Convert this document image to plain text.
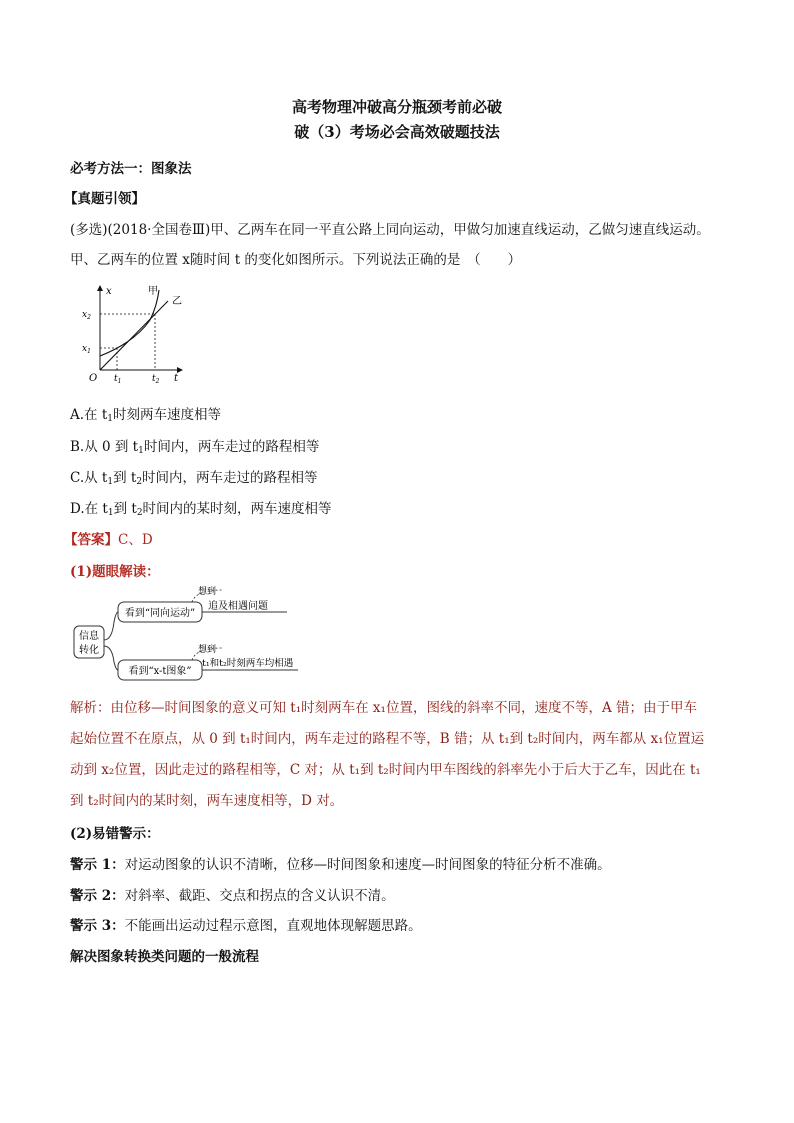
高考物理冲破高分瓶颈考前必破
破（3）考场必会高效破题技法
必考方法一：图象法
【真题引领】
(多选)(2018·全国卷Ⅲ)甲、乙两车在同一平直公路上同向运动，甲做匀加速直线运动，乙做匀速直线运动。
甲、乙两车的位置 x随时间 t 的变化如图所示。下列说法正确的是　（　　）
x
t
O
甲
乙
$x_2$
$x_1$
$t_1$	$t_2$
A.在 $t_1$时刻两车速度相等
B.从 0 到 $t_1$时间内，两车走过的路程相等
C.从 $t_1$到 $t_2$时间内，两车走过的路程相等
D.在 $t_1$到 $t_2$时间内的某时刻，两车速度相等
【答案】C、D
(1)题眼解读：
信息
转化
看到“同向运动”
想到
追及相遇问题
看到“x-t图象”
想到
t₁和t₂时刻两车均相遇
解析：由位移—时间图象的意义可知 t₁时刻两车在 x₁位置，图线的斜率不同，速度不等，A 错；由于甲车
起始位置不在原点，从 0 到 t₁时间内，两车走过的路程不等，B 错；从 t₁到 t₂时间内，两车都从 x₁位置运
动到 x₂位置，因此走过的路程相等，C 对；从 t₁到 t₂时间内甲车图线的斜率先小于后大于乙车，因此在 t₁
到 t₂时间内的某时刻，两车速度相等，D 对。
(2)易错警示：
警示 1：对运动图象的认识不清晰，位移—时间图象和速度—时间图象的特征分析不准确。
警示 2：对斜率、截距、交点和拐点的含义认识不清。
警示 3：不能画出运动过程示意图，直观地体现解题思路。
解决图象转换类问题的一般流程
